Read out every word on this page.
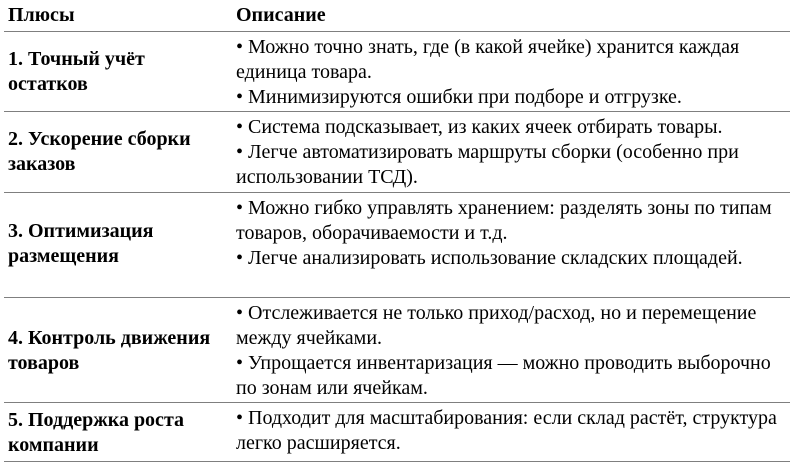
Плюсы	Описание
1. Точный учёт остатков
• Можно точно знать, где (в какой ячейке) хранится каждая единица товара.
• Минимизируются ошибки при подборе и отгрузке.
2. Ускорение сборки заказов
• Система подсказывает, из каких ячеек отбирать товары.
• Легче автоматизировать маршруты сборки (особенно при использовании ТСД).
3. Оптимизация размещения
• Можно гибко управлять хранением: разделять зоны по типам товаров, оборачиваемости и т.д.
• Легче анализировать использование складских площадей.
4. Контроль движения товаров
• Отслеживается не только приход/расход, но и перемещение между ячейками.
• Упрощается инвентаризация — можно проводить выборочно по зонам или ячейкам.
5. Поддержка роста компании
• Подходит для масштабирования: если склад растёт, структура легко расширяется.
